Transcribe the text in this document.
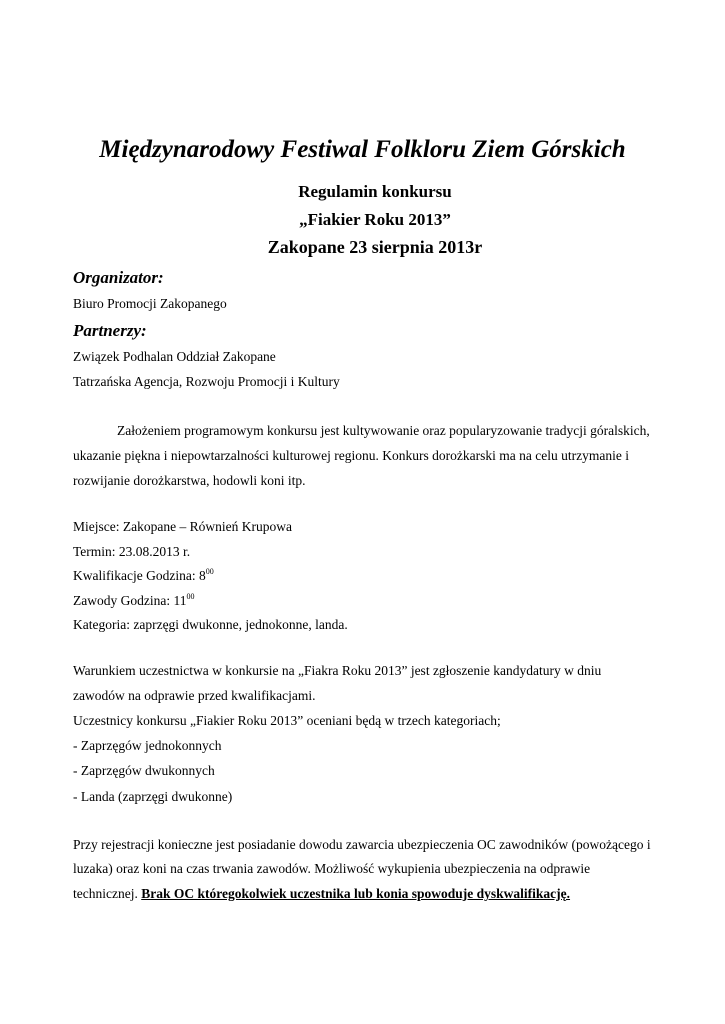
Międzynarodowy Festiwal Folkloru Ziem Górskich
Regulamin konkursu
„Fiakier Roku 2013”
Zakopane 23 sierpnia 2013r
Organizator:
Biuro Promocji Zakopanego
Partnerzy:
Związek Podhalan Oddział Zakopane
Tatrzańska Agencja, Rozwoju Promocji i Kultury
Założeniem programowym konkursu jest kultywowanie oraz popularyzowanie tradycji góralskich,
ukazanie piękna i niepowtarzalności kulturowej regionu. Konkurs dorożkarski ma na celu utrzymanie i
rozwijanie dorożkarstwa, hodowli koni itp.
Miejsce: Zakopane – Równień Krupowa
Termin: 23.08.2013 r.
Kwalifikacje Godzina: $8^{00}$
Zawody Godzina: $11^{00}$
Kategoria: zaprzęgi dwukonne, jednokonne, landa.
Warunkiem uczestnictwa w konkursie na „Fiakra Roku 2013” jest zgłoszenie kandydatury w dniu
zawodów na odprawie przed kwalifikacjami.
Uczestnicy konkursu „Fiakier Roku 2013” oceniani będą w trzech kategoriach;
- Zaprzęgów jednokonnych
- Zaprzęgów dwukonnych
- Landa (zaprzęgi dwukonne)
Przy rejestracji konieczne jest posiadanie dowodu zawarcia ubezpieczenia OC zawodników (powożącego i
luzaka) oraz koni na czas trwania zawodów. Możliwość wykupienia ubezpieczenia na odprawie
technicznej. Brak OC któregokolwiek uczestnika lub konia spowoduje dyskwalifikację.
